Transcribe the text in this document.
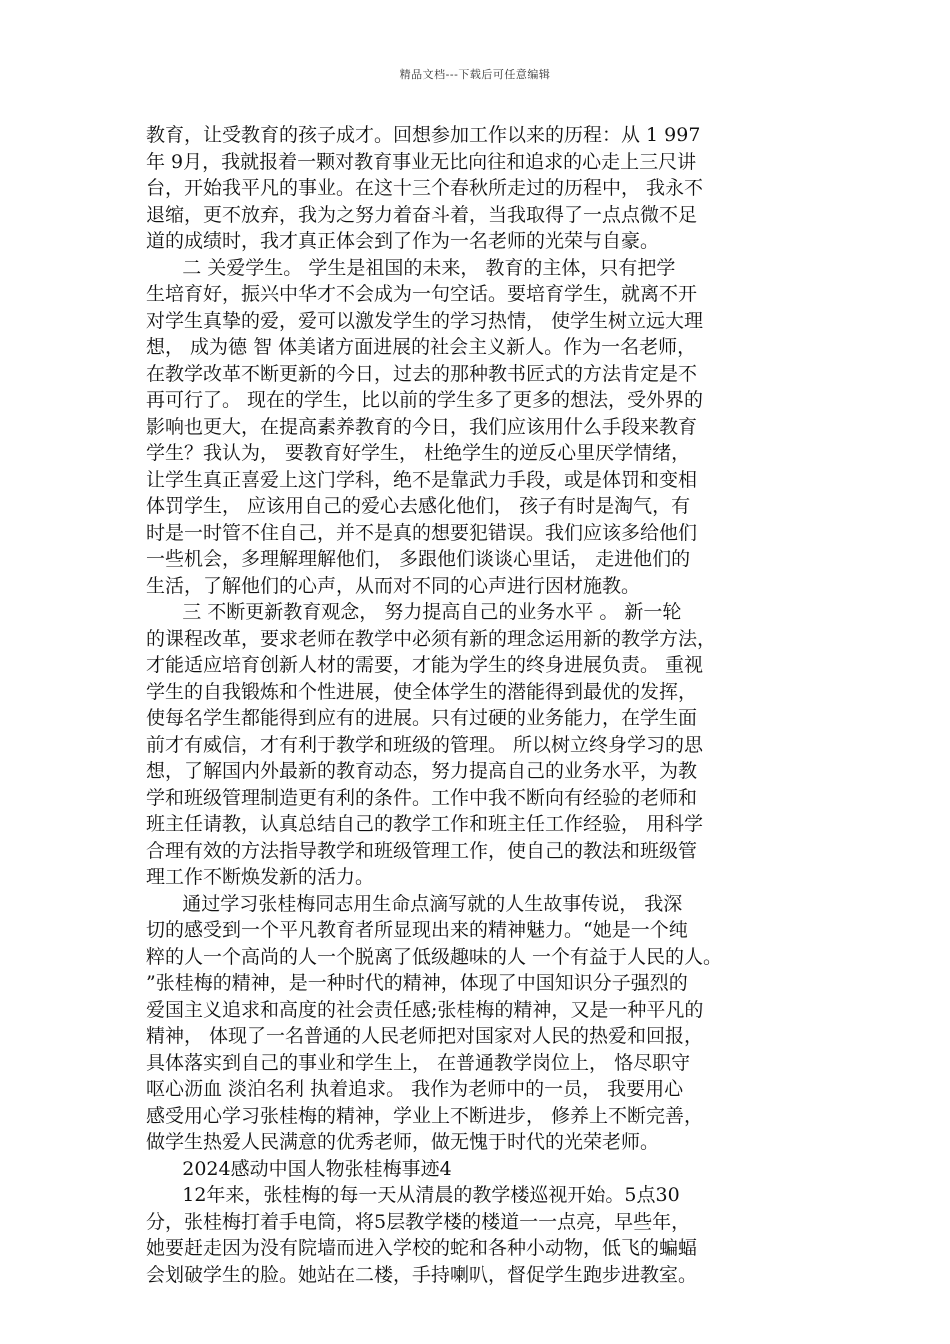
精品文档---下载后可任意编辑
教育，让受教育的孩子成才。回想参加工作以来的历程：从 1 997
年 9月，我就报着一颗对教育事业无比向往和追求的心走上三尺讲
台，开始我平凡的事业。在这十三个春秋所走过的历程中， 我永不
退缩，更不放弃，我为之努力着奋斗着，当我取得了一点点微不足
道的成绩时，我才真正体会到了作为一名老师的光荣与自豪。
二 关爱学生。 学生是祖国的未来， 教育的主体，只有把学
生培育好，振兴中华才不会成为一句空话。要培育学生，就离不开
对学生真挚的爱，爱可以激发学生的学习热情， 使学生树立远大理
想， 成为德 智 体美诸方面进展的社会主义新人。作为一名老师，
在教学改革不断更新的今日，过去的那种教书匠式的方法肯定是不
再可行了。 现在的学生，比以前的学生多了更多的想法，受外界的
影响也更大，在提高素养教育的今日，我们应该用什么手段来教育
学生？我认为， 要教育好学生， 杜绝学生的逆反心里厌学情绪，
让学生真正喜爱上这门学科，绝不是靠武力手段，或是体罚和变相
体罚学生， 应该用自己的爱心去感化他们， 孩子有时是淘气，有
时是一时管不住自己，并不是真的想要犯错误。我们应该多给他们
一些机会，多理解理解他们， 多跟他们谈谈心里话， 走进他们的
生活，了解他们的心声，从而对不同的心声进行因材施教。
三 不断更新教育观念， 努力提高自己的业务水平 。 新一轮
的课程改革，要求老师在教学中必须有新的理念运用新的教学方法，
才能适应培育创新人材的需要，才能为学生的终身进展负责。 重视
学生的自我锻炼和个性进展，使全体学生的潜能得到最优的发挥，
使每名学生都能得到应有的进展。只有过硬的业务能力，在学生面
前才有威信，才有利于教学和班级的管理。 所以树立终身学习的思
想，了解国内外最新的教育动态，努力提高自己的业务水平，为教
学和班级管理制造更有利的条件。工作中我不断向有经验的老师和
班主任请教，认真总结自己的教学工作和班主任工作经验， 用科学
合理有效的方法指导教学和班级管理工作，使自己的教法和班级管
理工作不断焕发新的活力。
通过学习张桂梅同志用生命点滴写就的人生故事传说， 我深
切的感受到一个平凡教育者所显现出来的精神魅力。“她是一个纯
粹的人一个高尚的人一个脱离了低级趣味的人 一个有益于人民的人。
”张桂梅的精神，是一种时代的精神，体现了中国知识分子强烈的
爱国主义追求和高度的社会责任感;张桂梅的精神，又是一种平凡的
精神， 体现了一名普通的人民老师把对国家对人民的热爱和回报，
具体落实到自己的事业和学生上， 在普通教学岗位上， 恪尽职守
呕心沥血 淡泊名利 执着追求。 我作为老师中的一员， 我要用心
感受用心学习张桂梅的精神，学业上不断进步， 修养上不断完善，
做学生热爱人民满意的优秀老师，做无愧于时代的光荣老师。
2024感动中国人物张桂梅事迹4
12年来，张桂梅的每一天从清晨的教学楼巡视开始。5点30
分，张桂梅打着手电筒，将5层教学楼的楼道一一点亮，早些年，
她要赶走因为没有院墙而进入学校的蛇和各种小动物，低飞的蝙蝠
会划破学生的脸。她站在二楼，手持喇叭，督促学生跑步进教室。
